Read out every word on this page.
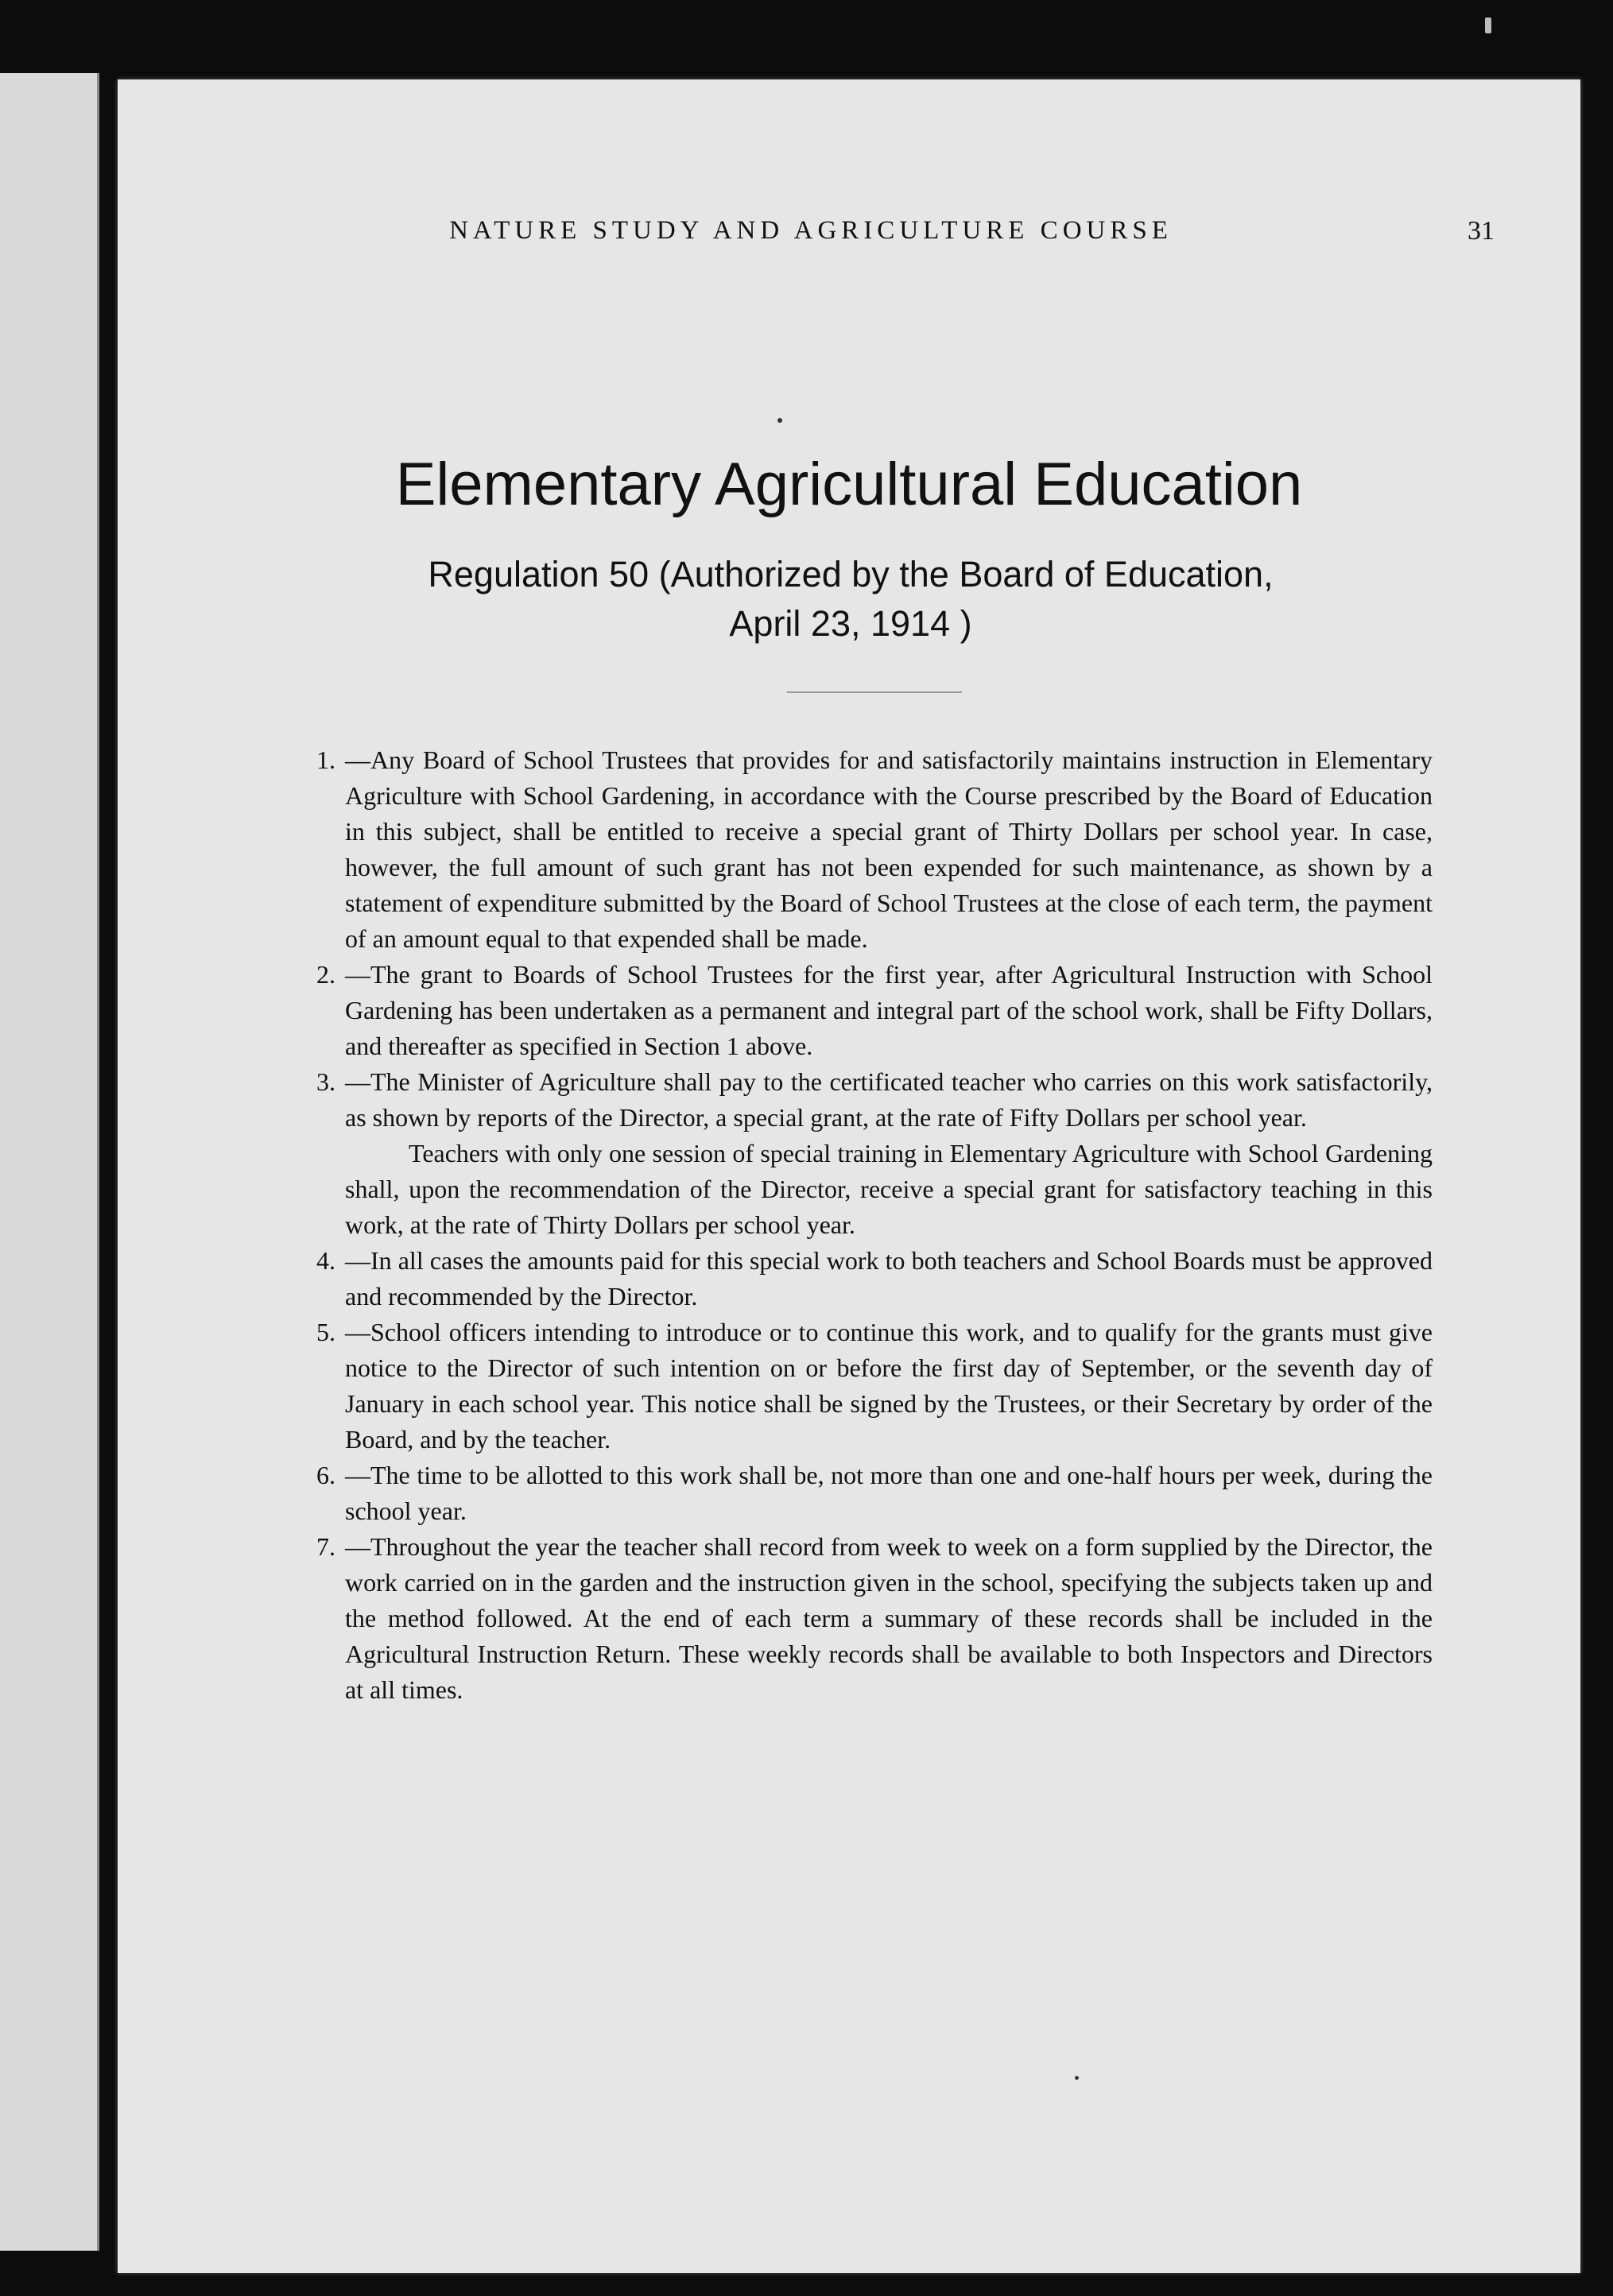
NATURE STUDY AND AGRICULTURE COURSE	31
Elementary Agricultural Education
Regulation 50 (Authorized by the Board of Education,
April 23, 1914 )

1. —Any Board of School Trustees that provides for and satisfactorily maintains instruction in Elementary Agriculture with School Gardening, in accordance with the Course prescribed by the Board of Education in this subject, shall be entitled to receive a special grant of Thirty Dollars per school year. In case, however, the full amount of such grant has not been expended for such maintenance, as shown by a statement of expenditure submitted by the Board of School Trustees at the close of each term, the payment of an amount equal to that expended shall be made.

2. —The grant to Boards of School Trustees for the first year, after Agricultural Instruction with School Gardening has been undertaken as a permanent and integral part of the school work, shall be Fifty Dollars, and thereafter as specified in Section 1 above.

3. —The Minister of Agriculture shall pay to the certificated teacher who carries on this work satisfactorily, as shown by reports of the Director, a special grant, at the rate of Fifty Dollars per school year.

Teachers with only one session of special training in Elementary Agriculture with School Gardening shall, upon the recommendation of the Director, receive a special grant for satisfactory teaching in this work, at the rate of Thirty Dollars per school year.

4. —In all cases the amounts paid for this special work to both teachers and School Boards must be approved and recommended by the Director.

5. —School officers intending to introduce or to continue this work, and to qualify for the grants must give notice to the Director of such intention on or before the first day of September, or the seventh day of January in each school year. This notice shall be signed by the Trustees, or their Secretary by order of the Board, and by the teacher.

6. —The time to be allotted to this work shall be, not more than one and one-half hours per week, during the school year.

7. —Throughout the year the teacher shall record from week to week on a form supplied by the Director, the work carried on in the garden and the instruction given in the school, specifying the subjects taken up and the method followed. At the end of each term a summary of these records shall be included in the Agricultural Instruction Return. These weekly records shall be available to both Inspectors and Directors at all times.
